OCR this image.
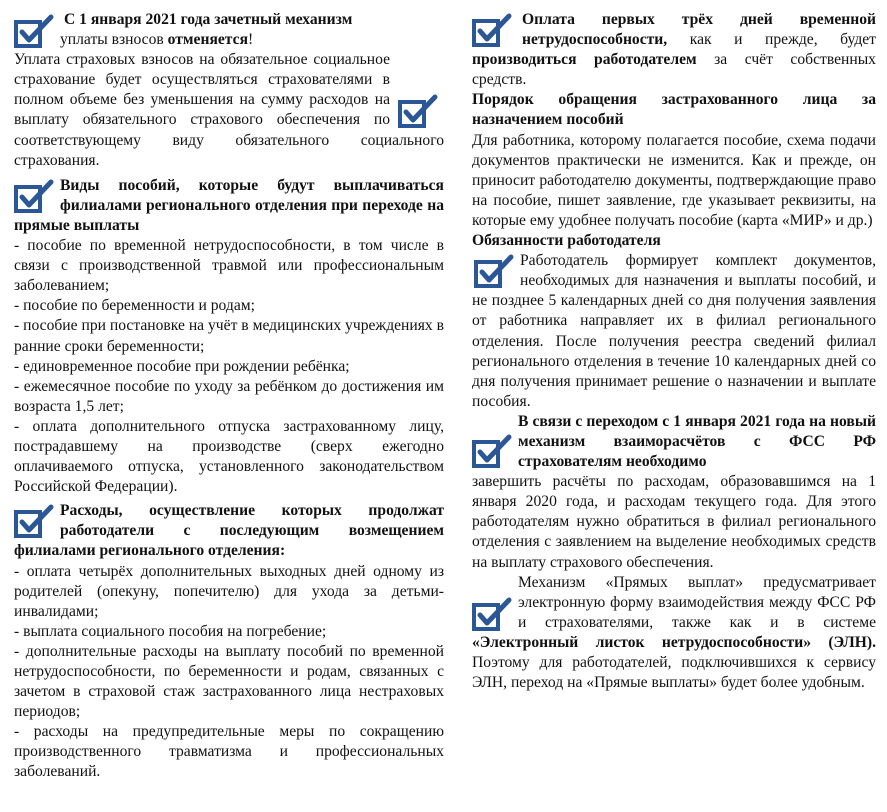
С 1 января 2021 года зачетный механизм
уплаты взносов отменяется!

Уплата страховых взносов на обязательное социальное страхование будет осуществляться страхователями в полном объеме без уменьшения на сумму расходов на выплату обязательного страхового обеспечения по соответствующему виду обязательного социального страхования.

Виды пособий, которые будут выплачиваться филиалами регионального отделения при переходе на прямые выплаты

- пособие по временной нетрудоспособности, в том числе в связи с производственной травмой или профессиональным заболеванием;

- пособие по беременности и родам;

- пособие при постановке на учёт в медицинских учреждениях в ранние сроки беременности;

- единовременное пособие при рождении ребёнка;

- ежемесячное пособие по уходу за ребёнком до достижения им возраста 1,5 лет;

- оплата дополнительного отпуска застрахованному лицу, пострадавшему на производстве (сверх ежегодно оплачиваемого отпуска, установленного законодательством Российской Федерации).

Расходы, осуществление которых продолжат работодатели с последующим возмещением филиалами регионального отделения:

- оплата четырёх дополнительных выходных дней одному из родителей (опекуну, попечителю) для ухода за детьми-инвалидами;

- выплата социального пособия на погребение;

- дополнительные расходы на выплату пособий по временной нетрудоспособности, по беременности и родам, связанных с зачетом в страховой стаж застрахованного лица нестраховых периодов;

- расходы на предупредительные меры по сокращению производственного травматизма и профессиональных заболеваний.

Оплата первых трёх дней временной нетрудоспособности, как и прежде, будет производиться работодателем за счёт собственных средств.

Порядок обращения застрахованного лица за назначением пособий

Для работника, которому полагается пособие, схема подачи документов практически не изменится. Как и прежде, он приносит работодателю документы, подтверждающие право на пособие, пишет заявление, где указывает реквизиты, на которые ему удобнее получать пособие (карта «МИР» и др.)

Обязанности работодателя

Работодатель формирует комплект документов, необходимых для назначения и выплаты пособий, и не позднее 5 календарных дней со дня получения заявления от работника направляет их в филиал регионального отделения. После получения реестра сведений филиал регионального отделения в течение 10 календарных дней со дня получения принимает решение о назначении и выплате пособия.

В связи с переходом с 1 января 2021 года на новый механизм взаиморасчётов с ФСС РФ страхователям необходимо

завершить расчёты по расходам, образовавшимся на 1 января 2020 года, и расходам текущего года. Для этого работодателям нужно обратиться в филиал регионального отделения с заявлением на выделение необходимых средств на выплату страхового обеспечения.

Механизм «Прямых выплат» предусматривает электронную форму взаимодействия между ФСС РФ и страхователями, также как и в системе «Электронный листок нетрудоспособности» (ЭЛН). Поэтому для работодателей, подключившихся к сервису ЭЛН, переход на «Прямые выплаты» будет более удобным.
